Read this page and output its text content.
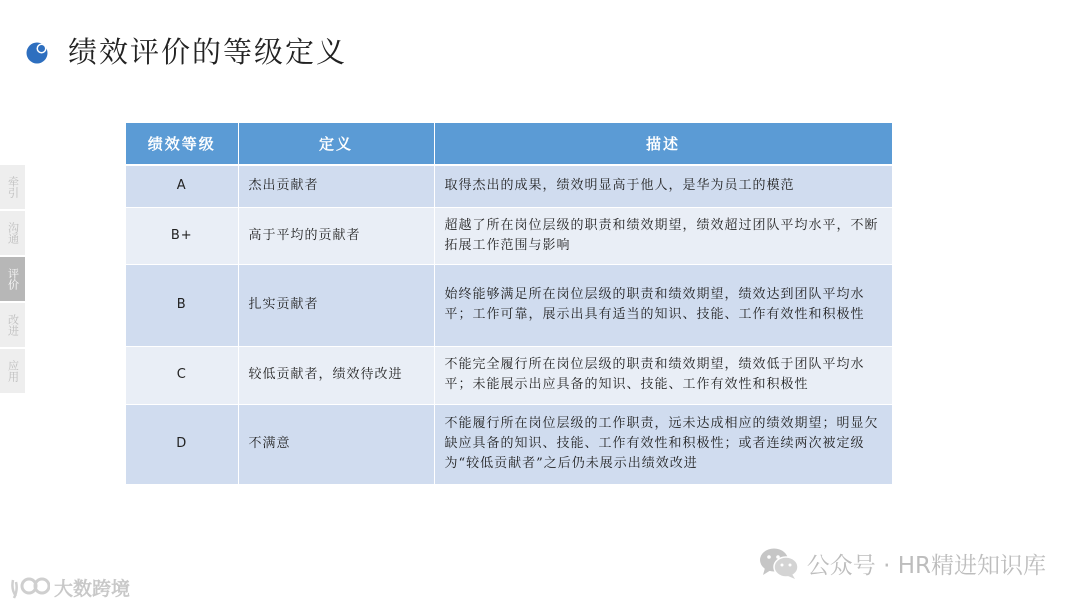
绩效评价的等级定义
牵引
沟通
评价
改进
应用
绩效等级	定义	描述
A	杰出贡献者	取得杰出的成果，绩效明显高于他人，是华为员工的模范
B+	高于平均的贡献者	超越了所在岗位层级的职责和绩效期望，绩效超过团队平均水平，不断拓展工作范围与影响
B	扎实贡献者	始终能够满足所在岗位层级的职责和绩效期望，绩效达到团队平均水平；工作可靠，展示出具有适当的知识、技能、工作有效性和积极性
C	较低贡献者，绩效待改进	不能完全履行所在岗位层级的职责和绩效期望，绩效低于团队平均水平；未能展示出应具备的知识、技能、工作有效性和积极性
D	不满意	不能履行所在岗位层级的工作职责，远未达成相应的绩效期望；明显欠缺应具备的知识、技能、工作有效性和积极性；或者连续两次被定级为“较低贡献者”之后仍未展示出绩效改进
公众号 · HR精进知识库
大数跨境
